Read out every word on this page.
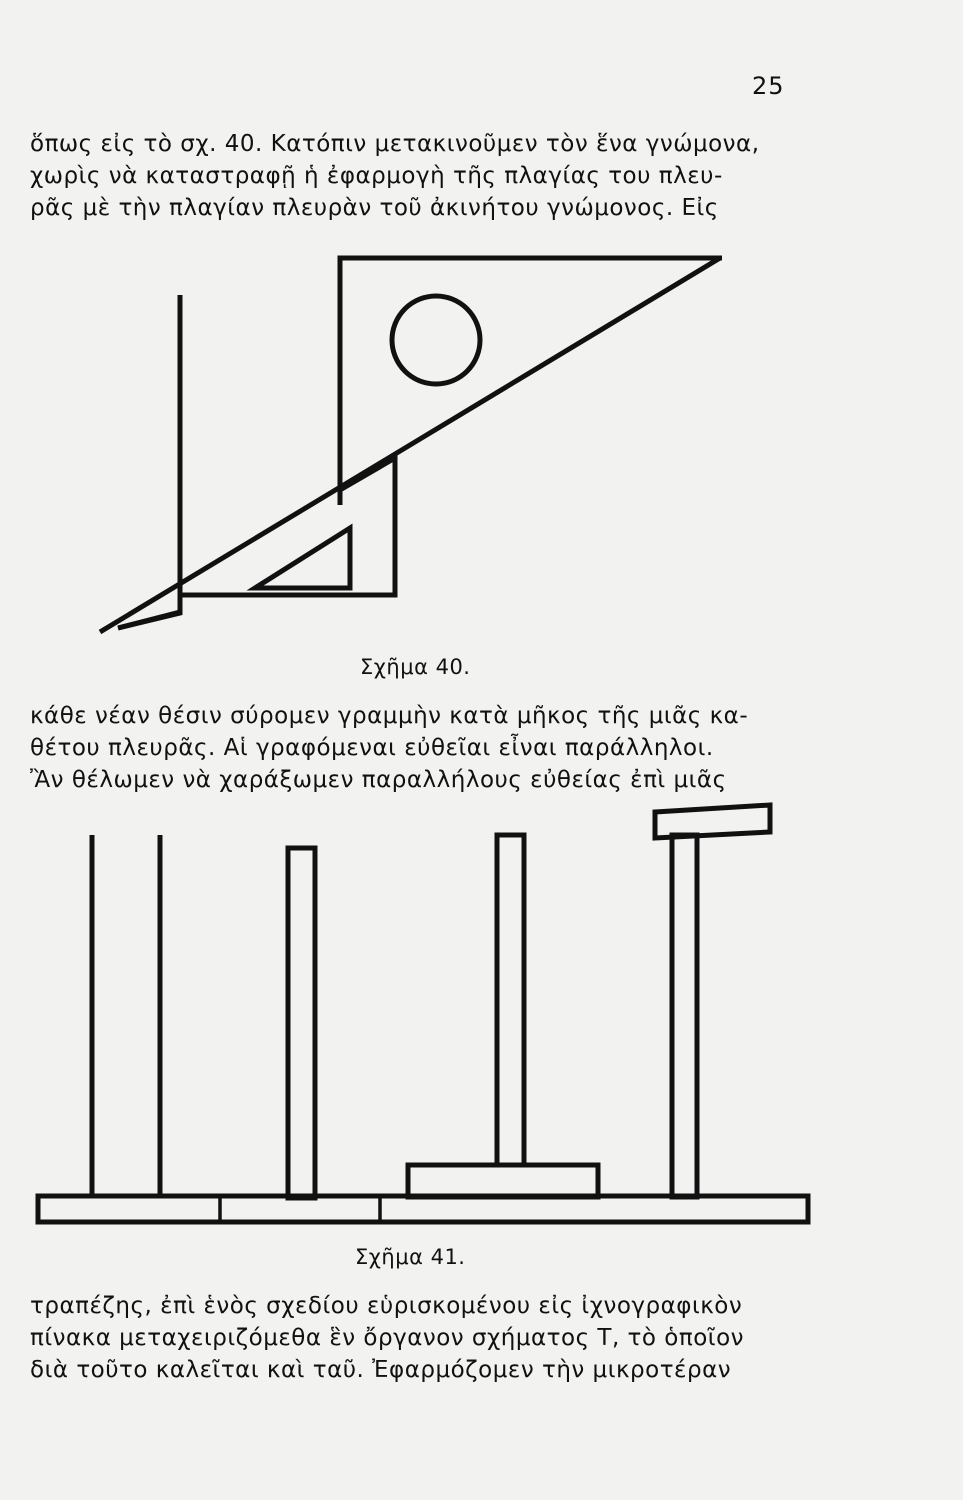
25

ὅπως εἰς τὸ σχ. 40. Κατόπιν μετακινοῦμεν τὸν ἕνα γνώμονα,
χωρὶς νὰ καταστραφῇ ἡ ἐφαρμογὴ τῆς πλαγίας του πλευ-
ρᾶς μὲ τὴν πλαγίαν πλευρὰν τοῦ ἀκινήτου γνώμονος. Εἰς

Σχῆμα 40.

κάθε νέαν θέσιν σύρομεν γραμμὴν κατὰ μῆκος τῆς μιᾶς κα-
θέτου πλευρᾶς. Αἱ γραφόμεναι εὐθεῖαι εἶναι παράλληλοι.
Ἂν θέλωμεν νὰ χαράξωμεν παραλλήλους εὐθείας ἐπὶ μιᾶς

Σχῆμα 41.

τραπέζης, ἐπὶ ἑνὸς σχεδίου εὑρισκομένου εἰς ἰχνογραφικὸν
πίνακα μεταχειριζόμεθα ἓν ὄργανον σχήματος Τ, τὸ ὁποῖον
διὰ τοῦτο καλεῖται καὶ ταῦ. Ἐφαρμόζομεν τὴν μικροτέραν
